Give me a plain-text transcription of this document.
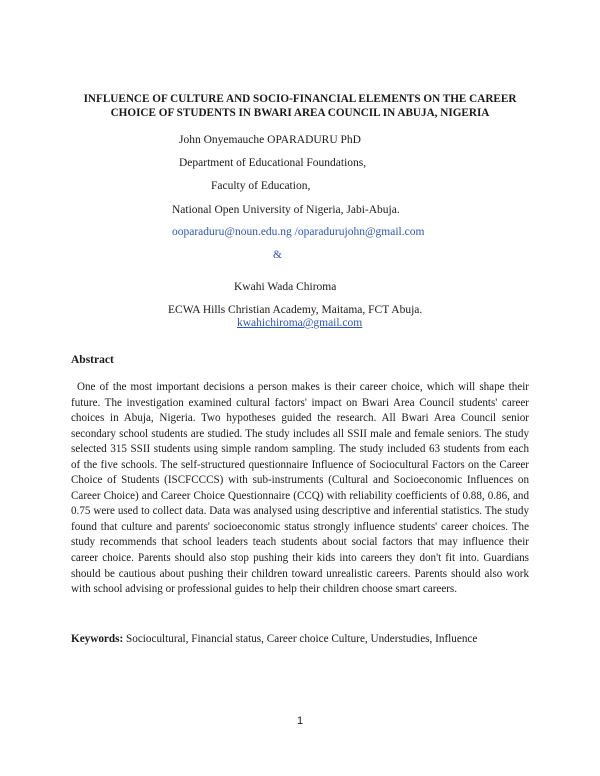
INFLUENCE OF CULTURE AND SOCIO-FINANCIAL ELEMENTS ON THE CAREER
CHOICE OF STUDENTS IN BWARI AREA COUNCIL IN ABUJA, NIGERIA
John Onyemauche OPARADURU PhD
Department of Educational Foundations,
Faculty of Education,
National Open University of Nigeria, Jabi-Abuja.
ooparaduru@noun.edu.ng /oparadurujohn@gmail.com
&
Kwahi Wada Chiroma
ECWA Hills Christian Academy, Maitama, FCT Abuja.
kwahichiroma@gmail.com
Abstract

One of the most important decisions a person makes is their career choice, which will shape their future. The investigation examined cultural factors' impact on Bwari Area Council students' career choices in Abuja, Nigeria. Two hypotheses guided the research. All Bwari Area Council senior secondary school students are studied. The study includes all SSII male and female seniors. The study selected 315 SSII students using simple random sampling. The study included 63 students from each of the five schools. The self-structured questionnaire Influence of Sociocultural Factors on the Career Choice of Students (ISCFCCCS) with sub-instruments (Cultural and Socioeconomic Influences on Career Choice) and Career Choice Questionnaire (CCQ) with reliability coefficients of 0.88, 0.86, and 0.75 were used to collect data. Data was analysed using descriptive and inferential statistics. The study found that culture and parents' socioeconomic status strongly influence students' career choices. The study recommends that school leaders teach students about social factors that may influence their career choice. Parents should also stop pushing their kids into careers they don't fit into. Guardians should be cautious about pushing their children toward unrealistic careers. Parents should also work with school advising or professional guides to help their children choose smart careers.

Keywords: Sociocultural, Financial status, Career choice Culture, Understudies, Influence
1
